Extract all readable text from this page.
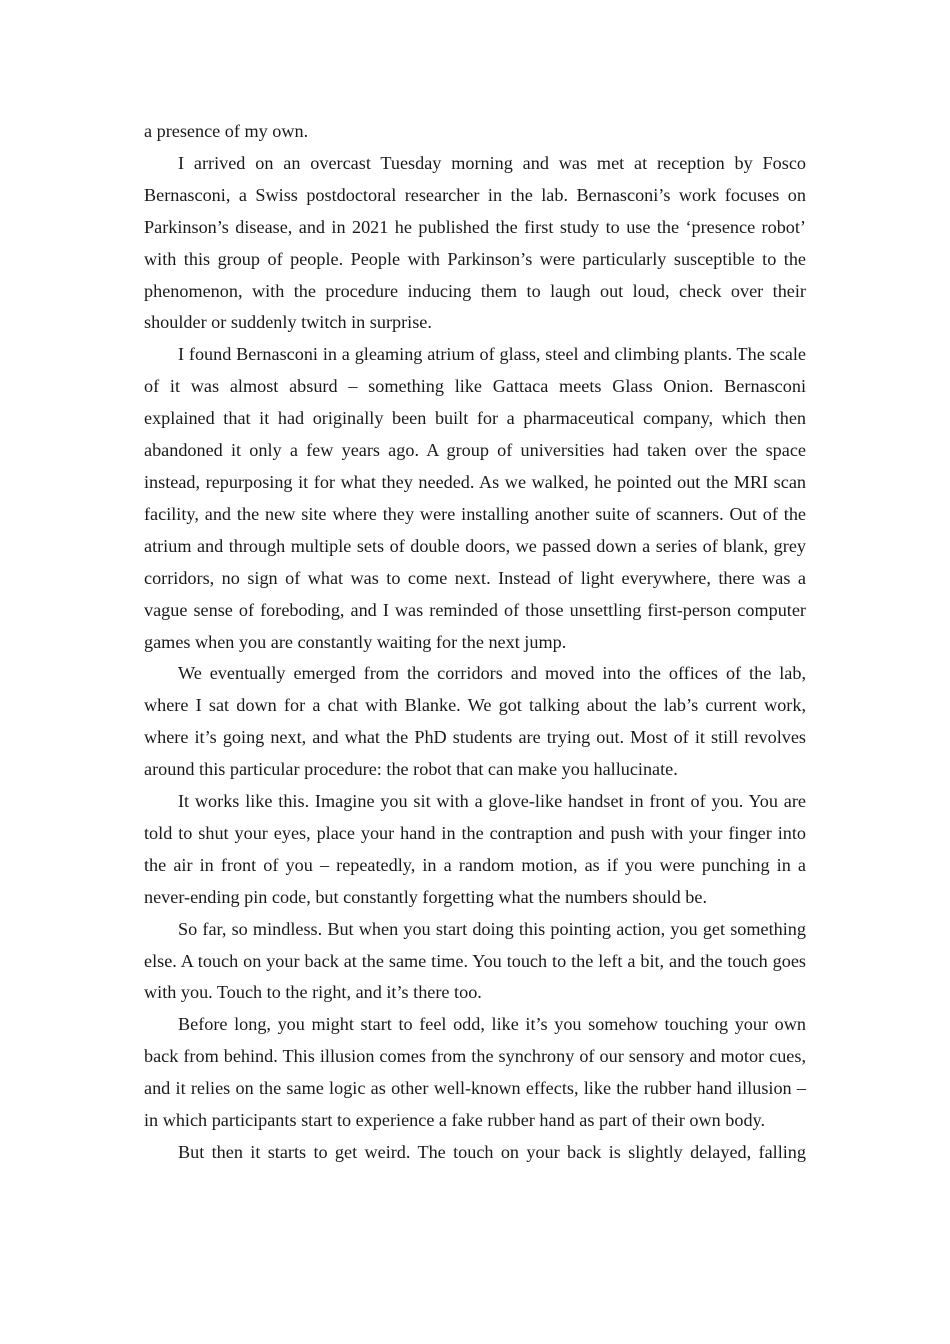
a presence of my own.

I arrived on an overcast Tuesday morning and was met at reception by Fosco Bernasconi, a Swiss postdoctoral researcher in the lab. Bernasconi’s work focuses on Parkinson’s disease, and in 2021 he published the first study to use the ‘presence robot’ with this group of people. People with Parkinson’s were particularly susceptible to the phenomenon, with the procedure inducing them to laugh out loud, check over their shoulder or suddenly twitch in surprise.

I found Bernasconi in a gleaming atrium of glass, steel and climbing plants. The scale of it was almost absurd – something like Gattaca meets Glass Onion. Bernasconi explained that it had originally been built for a pharmaceutical company, which then abandoned it only a few years ago. A group of universities had taken over the space instead, repurposing it for what they needed. As we walked, he pointed out the MRI scan facility, and the new site where they were installing another suite of scanners. Out of the atrium and through multiple sets of double doors, we passed down a series of blank, grey corridors, no sign of what was to come next. Instead of light everywhere, there was a vague sense of foreboding, and I was reminded of those unsettling first-person computer games when you are constantly waiting for the next jump.

We eventually emerged from the corridors and moved into the offices of the lab, where I sat down for a chat with Blanke. We got talking about the lab’s current work, where it’s going next, and what the PhD students are trying out. Most of it still revolves around this particular procedure: the robot that can make you hallucinate.

It works like this. Imagine you sit with a glove-like handset in front of you. You are told to shut your eyes, place your hand in the contraption and push with your finger into the air in front of you – repeatedly, in a random motion, as if you were punching in a never-ending pin code, but constantly forgetting what the numbers should be.

So far, so mindless. But when you start doing this pointing action, you get something else. A touch on your back at the same time. You touch to the left a bit, and the touch goes with you. Touch to the right, and it’s there too.

Before long, you might start to feel odd, like it’s you somehow touching your own back from behind. This illusion comes from the synchrony of our sensory and motor cues, and it relies on the same logic as other well-known effects, like the rubber hand illusion – in which participants start to experience a fake rubber hand as part of their own body.

But then it starts to get weird. The touch on your back is slightly delayed, falling
